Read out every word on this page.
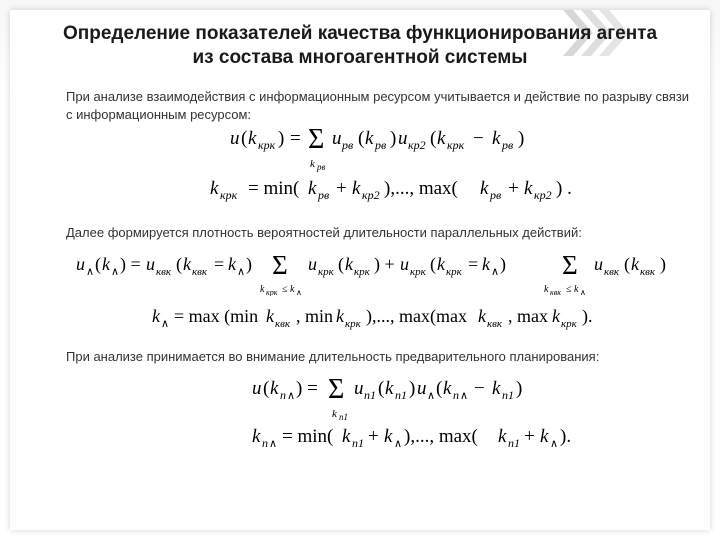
Определение показателей качества функционирования агента
из состава многоагентной системы
При анализе взаимодействия с информационным ресурсом учитывается и действие по разрыву связи с информационным ресурсом:
u ( k крк ) = Σ
k рв
u рв ( k рв ) u кр2 ( k крк − k рв )
k крк = min( k рв + k кр2 ),..., max( k рв + k кр2 ) .
Далее формируется плотность вероятностей длительности параллельных действий:
u ∧ ( k ∧ ) = u квк ( k квк = k ∧ ) Σ
k крк ≤ k ∧
u крк ( k крк ) + u крк ( k крк = k ∧ ) Σ
k квк ≤ k ∧
u квк ( k квк )
k ∧ = max (min k квк , min k крк ),..., max(max k квк , max k крк ).
При анализе принимается во внимание длительность предварительного планирования:
u ( k п ∧ ) = Σ
k п1
u п1 ( k п1 ) u ∧ ( k п ∧ − k п1 )
k п ∧ = min( k п1 + k ∧ ),..., max( k п1 + k ∧ ).
